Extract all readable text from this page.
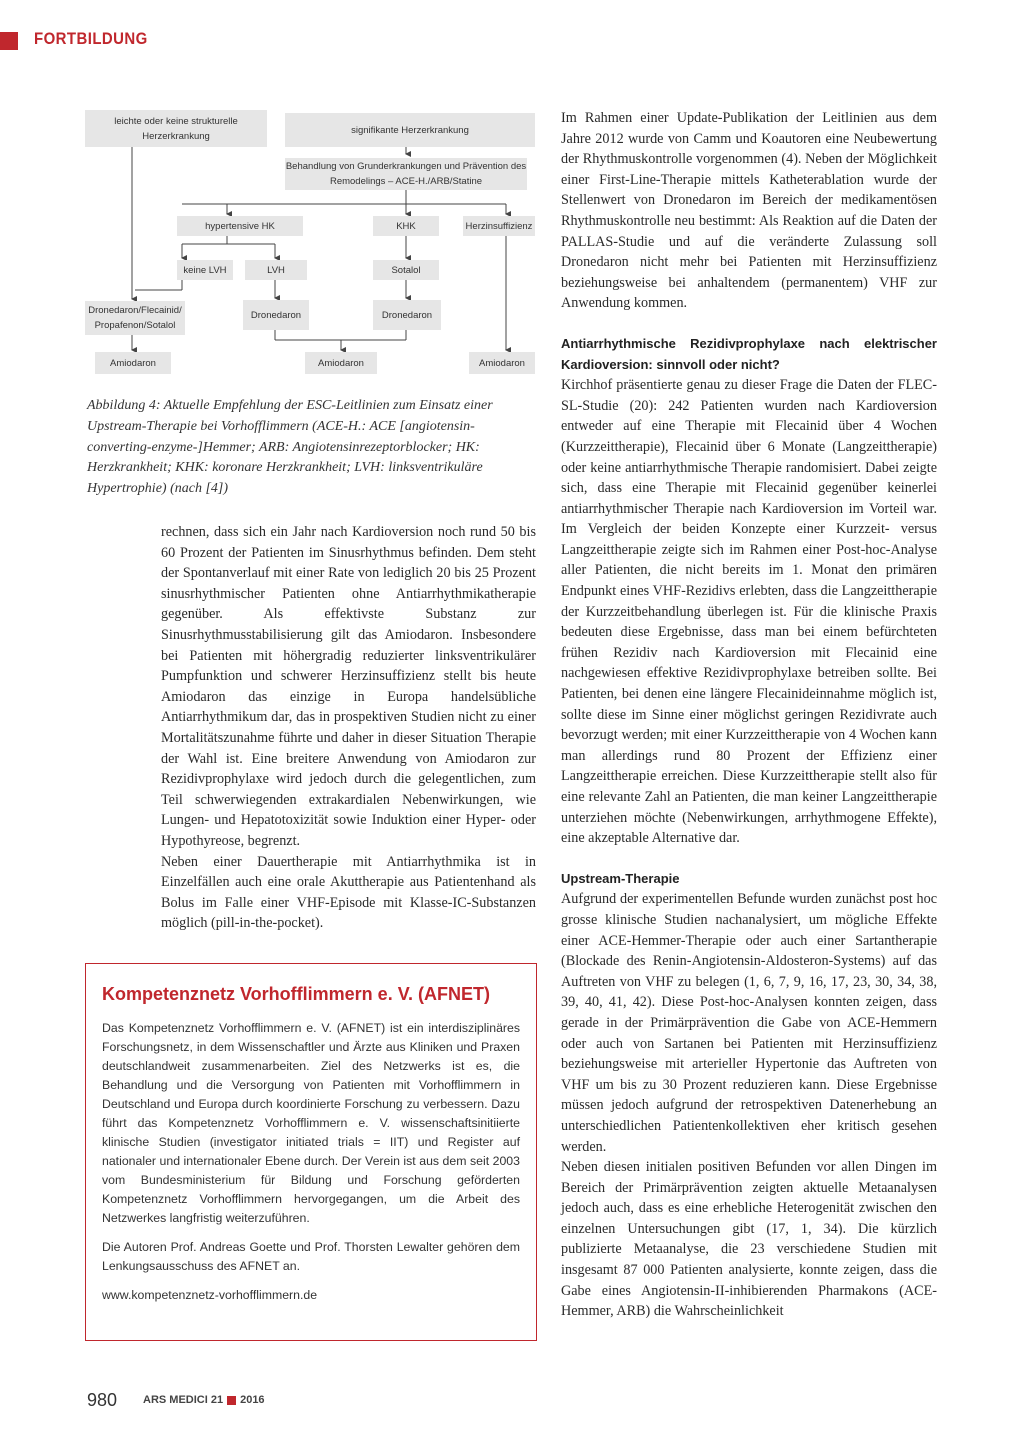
FORTBILDUNG
leichte oder keine strukturelle Herzerkrankung
signifikante Herzerkrankung
Behandlung von Grunderkrankungen und Prävention des Remodelings – ACE-H./ARB/Statine
hypertensive HK	KHK	Herzinsuffizienz
keine LVH	LVH	Sotalol
Dronedaron/Flecainid/ Propafenon/Sotalol
Dronedaron	Dronedaron
Amiodaron	Amiodaron	Amiodaron
Abbildung 4: Aktuelle Empfehlung der ESC-Leitlinien zum Einsatz einer Upstream-Therapie bei Vorhofflimmern (ACE-H.: ACE [angiotensin-converting-enzyme-]Hemmer; ARB: Angiotensinrezeptorblocker; HK: Herzkrankheit; KHK: koronare Herzkrankheit; LVH: linksventrikuläre Hypertrophie) (nach [4])

rechnen, dass sich ein Jahr nach Kardioversion noch rund 50 bis 60 Prozent der Patienten im Sinusrhythmus befinden. Dem steht der Spontanverlauf mit einer Rate von lediglich 20 bis 25 Prozent sinusrhythmischer Patienten ohne Antiarrhythmikatherapie gegenüber. Als effektivste Substanz zur Sinusrhythmusstabilisierung gilt das Amiodaron. Insbesondere bei Patienten mit höhergradig reduzierter linksventrikulärer Pumpfunktion und schwerer Herzinsuffizienz stellt bis heute Amiodaron das einzige in Europa handelsübliche Antiarrhythmikum dar, das in prospektiven Studien nicht zu einer Mortalitätszunahme führte und daher in dieser Situation Therapie der Wahl ist. Eine breitere Anwendung von Amiodaron zur Rezidivprophylaxe wird jedoch durch die gelegentlichen, zum Teil schwerwiegenden extrakardialen Nebenwirkungen, wie Lungen- und Hepatotoxizität sowie Induktion einer Hyper- oder Hypothyreose, begrenzt.

Neben einer Dauertherapie mit Antiarrhythmika ist in Einzelfällen auch eine orale Akuttherapie aus Patientenhand als Bolus im Falle einer VHF-Episode mit Klasse-IC-Substanzen möglich (pill-in-the-pocket).

Kompetenznetz Vorhofflimmern e. V. (AFNET)

Das Kompetenznetz Vorhofflimmern e. V. (AFNET) ist ein interdisziplinäres Forschungsnetz, in dem Wissenschaftler und Ärzte aus Kliniken und Praxen deutschlandweit zusammenarbeiten. Ziel des Netzwerks ist es, die Behandlung und die Versorgung von Patienten mit Vorhofflimmern in Deutschland und Europa durch koordinierte Forschung zu verbessern. Dazu führt das Kompetenznetz Vorhofflimmern e. V. wissenschaftsinitiierte klinische Studien (investigator initiated trials = IIT) und Register auf nationaler und internationaler Ebene durch. Der Verein ist aus dem seit 2003 vom Bundesministerium für Bildung und Forschung geförderten Kompetenznetz Vorhofflimmern hervorgegangen, um die Arbeit des Netzwerkes langfristig weiterzuführen.

Die Autoren Prof. Andreas Goette und Prof. Thorsten Lewalter gehören dem Lenkungsausschuss des AFNET an.

www.kompetenznetz-vorhofflimmern.de

Im Rahmen einer Update-Publikation der Leitlinien aus dem Jahre 2012 wurde von Camm und Koautoren eine Neubewertung der Rhythmuskontrolle vorgenommen (4). Neben der Möglichkeit einer First-Line-Therapie mittels Katheterablation wurde der Stellenwert von Dronedaron im Bereich der medikamentösen Rhythmuskontrolle neu bestimmt: Als Reaktion auf die Daten der PALLAS-Studie und auf die veränderte Zulassung soll Dronedaron nicht mehr bei Patienten mit Herzinsuffizienz beziehungsweise bei anhaltendem (permanentem) VHF zur Anwendung kommen.

Antiarrhythmische Rezidivprophylaxe nach elektrischer Kardioversion: sinnvoll oder nicht?

Kirchhof präsentierte genau zu dieser Frage die Daten der FLEC-SL-Studie (20): 242 Patienten wurden nach Kardioversion entweder auf eine Therapie mit Flecainid über 4 Wochen (Kurzzeittherapie), Flecainid über 6 Monate (Langzeittherapie) oder keine antiarrhythmische Therapie randomisiert. Dabei zeigte sich, dass eine Therapie mit Flecainid gegenüber keinerlei antiarrhythmischer Therapie nach Kardioversion im Vorteil war. Im Vergleich der beiden Konzepte einer Kurzzeit- versus Langzeittherapie zeigte sich im Rahmen einer Post-hoc-Analyse aller Patienten, die nicht bereits im 1. Monat den primären Endpunkt eines VHF-Rezidivs erlebten, dass die Langzeittherapie der Kurzzeitbehandlung überlegen ist. Für die klinische Praxis bedeuten diese Ergebnisse, dass man bei einem befürchteten frühen Rezidiv nach Kardioversion mit Flecainid eine nachgewiesen effektive Rezidivprophylaxe betreiben sollte. Bei Patienten, bei denen eine längere Flecainideinnahme möglich ist, sollte diese im Sinne einer möglichst geringen Rezidivrate auch bevorzugt werden; mit einer Kurzzeittherapie von 4 Wochen kann man allerdings rund 80 Prozent der Effizienz einer Langzeittherapie erreichen. Diese Kurzzeittherapie stellt also für eine relevante Zahl an Patienten, die man keiner Langzeittherapie unterziehen möchte (Nebenwirkungen, arrhythmogene Effekte), eine akzeptable Alternative dar.

Upstream-Therapie

Aufgrund der experimentellen Befunde wurden zunächst post hoc grosse klinische Studien nachanalysiert, um mögliche Effekte einer ACE-Hemmer-Therapie oder auch einer Sartantherapie (Blockade des Renin-Angiotensin-Aldosteron-Systems) auf das Auftreten von VHF zu belegen (1, 6, 7, 9, 16, 17, 23, 30, 34, 38, 39, 40, 41, 42). Diese Post-hoc-Analysen konnten zeigen, dass gerade in der Primärprävention die Gabe von ACE-Hemmern oder auch von Sartanen bei Patienten mit Herzinsuffizienz beziehungsweise mit arterieller Hypertonie das Auftreten von VHF um bis zu 30 Prozent reduzieren kann. Diese Ergebnisse müssen jedoch aufgrund der retrospektiven Datenerhebung an unterschiedlichen Patientenkollektiven eher kritisch gesehen werden.

Neben diesen initialen positiven Befunden vor allen Dingen im Bereich der Primärprävention zeigten aktuelle Metaanalysen jedoch auch, dass es eine erhebliche Heterogenität zwischen den einzelnen Untersuchungen gibt (17, 1, 34). Die kürzlich publizierte Metaanalyse, die 23 verschiedene Studien mit insgesamt 87 000 Patienten analysierte, konnte zeigen, dass die Gabe eines Angiotensin-II-inhibierenden Pharmakons (ACE-Hemmer, ARB) die Wahrscheinlichkeit

980 ARS MEDICI 21 2016
